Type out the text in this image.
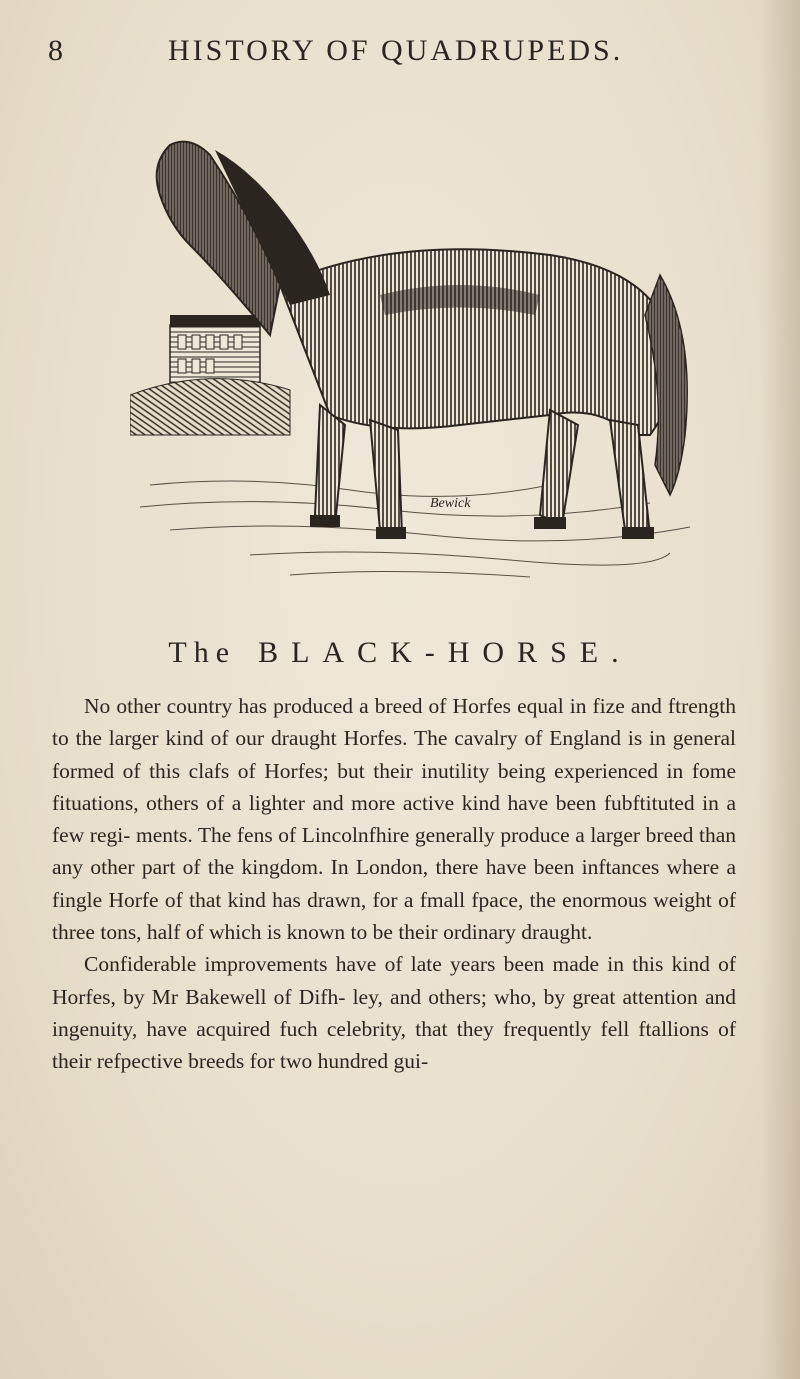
8	HISTORY OF QUADRUPEDS.
Bewick
The BLACK-HORSE.

No other country has produced a breed of Horfes equal in fize and ftrength to the larger kind of our draught Horfes. The cavalry of England is in general formed of this clafs of Horfes; but their inutility being experienced in fome fituations, others of a lighter and more active kind have been fubftituted in a few regi- ments. The fens of Lincolnfhire generally produce a larger breed than any other part of the kingdom. In London, there have been inftances where a fingle Horfe of that kind has drawn, for a fmall fpace, the enormous weight of three tons, half of which is known to be their ordinary draught.

Confiderable improvements have of late years been made in this kind of Horfes, by Mr Bakewell of Difh- ley, and others; who, by great attention and ingenuity, have acquired fuch celebrity, that they frequently fell ftallions of their refpective breeds for two hundred gui-
